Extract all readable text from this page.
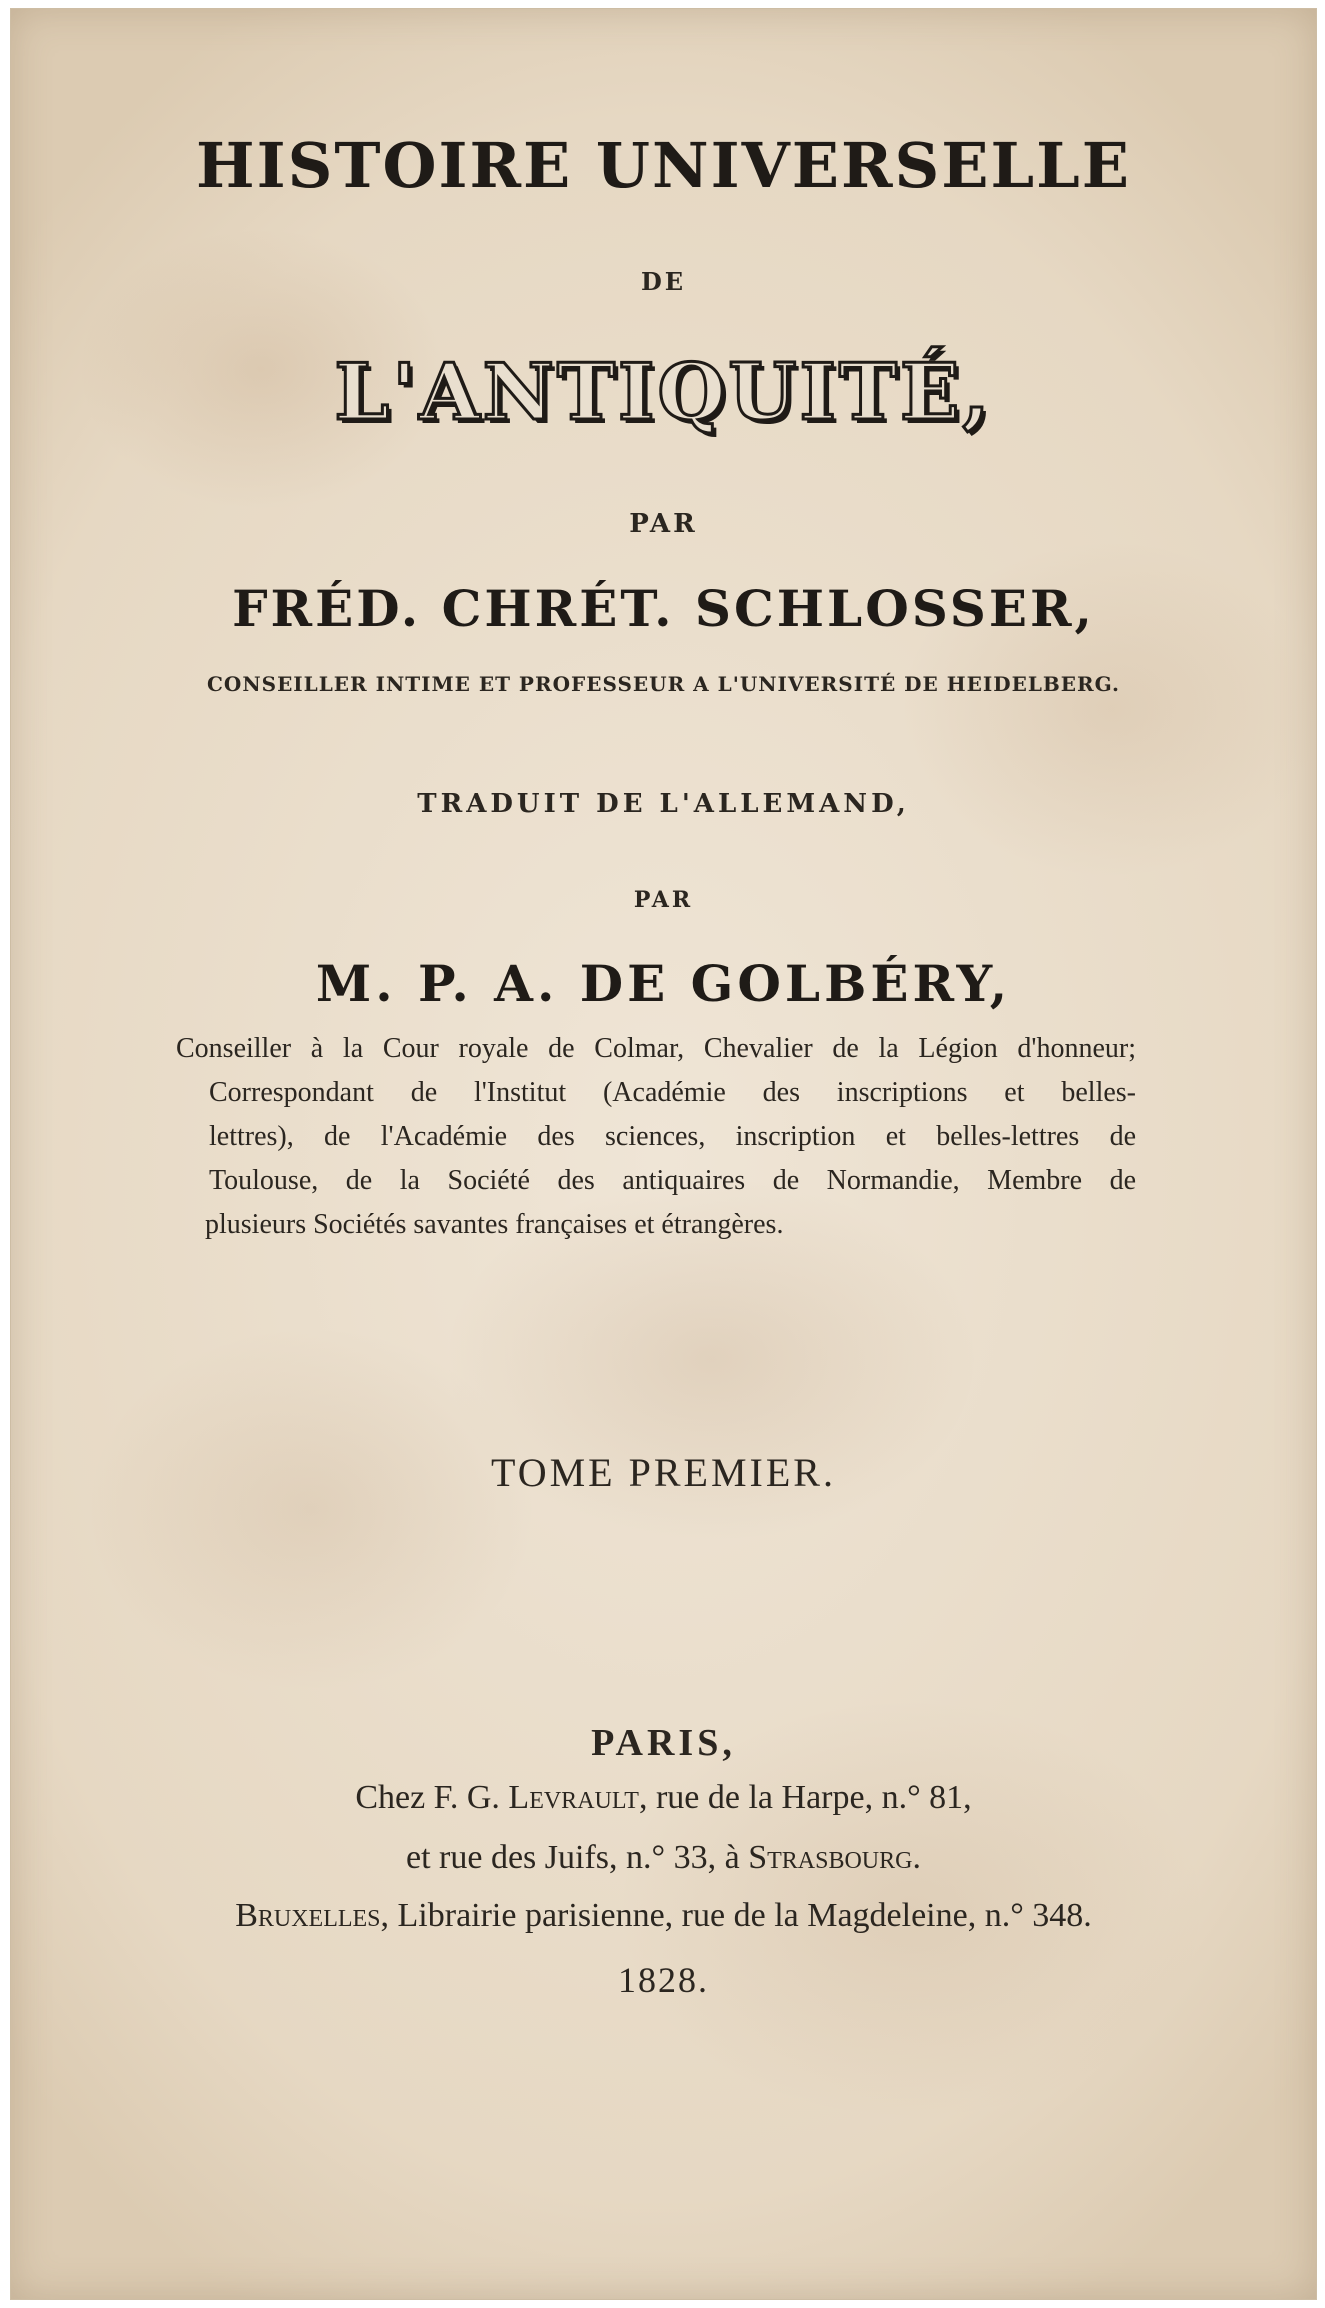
HISTOIRE UNIVERSELLE
DE
L'ANTIQUITÉ,
PAR
FRÉD. CHRÉT. SCHLOSSER,
CONSEILLER INTIME ET PROFESSEUR A L'UNIVERSITÉ DE HEIDELBERG.
TRADUIT DE L'ALLEMAND,
PAR
M. P. A. DE GOLBÉRY,
Conseiller à la Cour royale de Colmar, Chevalier de la Légion d'honneur;
Correspondant de l'Institut (Académie des inscriptions et belles-
lettres), de l'Académie des sciences, inscription et belles-lettres de
Toulouse, de la Société des antiquaires de Normandie, Membre de
plusieurs Sociétés savantes françaises et étrangères.
TOME PREMIER.
PARIS,
Chez F. G. Levrault, rue de la Harpe, n.° 81,
et rue des Juifs, n.° 33, à Strasbourg.
Bruxelles, Librairie parisienne, rue de la Magdeleine, n.° 348.
1828.
